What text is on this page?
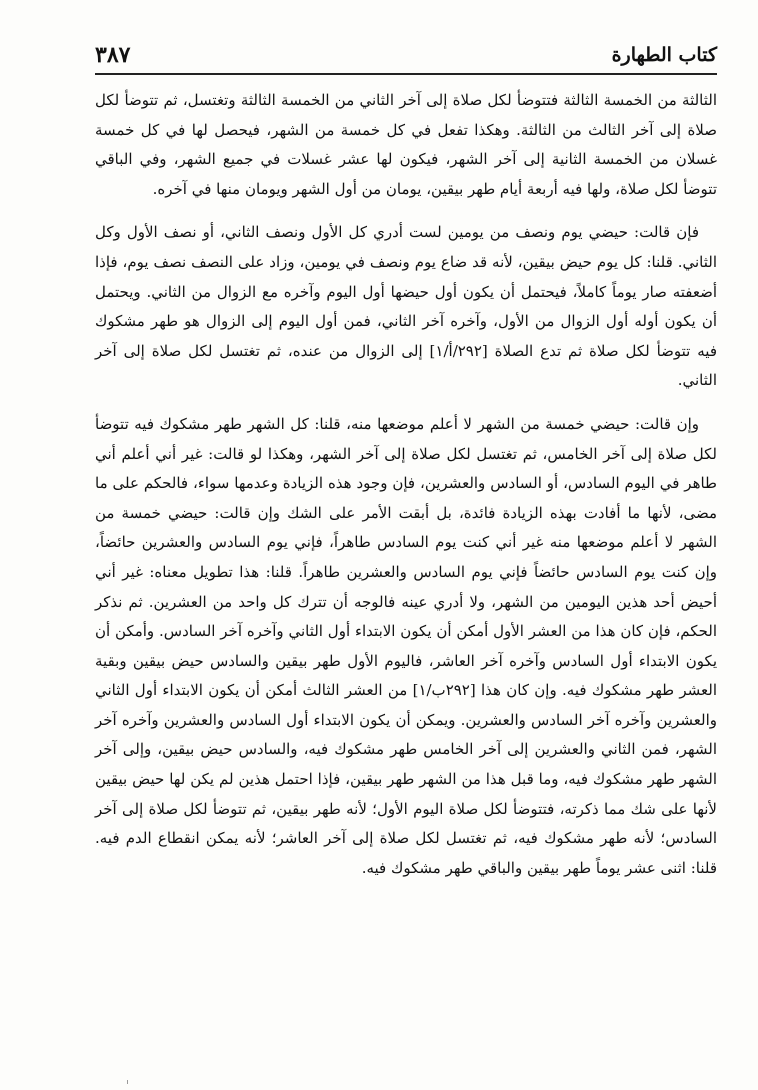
كتاب الطهارة
٣٨٧

الثالثة من الخمسة الثالثة فتتوضأ لكل صلاة إلى آخر الثاني من الخمسة الثالثة وتغتسل، ثم تتوضأ لكل صلاة إلى آخر الثالث من الثالثة. وهكذا تفعل في كل خمسة من الشهر، فيحصل لها في كل خمسة غسلان من الخمسة الثانية إلى آخر الشهر، فيكون لها عشر غسلات في جميع الشهر، وفي الباقي تتوضأ لكل صلاة، ولها فيه أربعة أيام طهر بيقين، يومان من أول الشهر ويومان منها في آخره.

فإن قالت: حيضي يوم ونصف من يومين لست أدري كل الأول ونصف الثاني، أو نصف الأول وكل الثاني. قلنا: كل يوم حيض بيقين، لأنه قد ضاع يوم ونصف في يومين، وزاد على النصف نصف يوم، فإذا أضعفته صار يوماً كاملاً، فيحتمل أن يكون أول حيضها أول اليوم وآخره مع الزوال من الثاني. ويحتمل أن يكون أوله أول الزوال من الأول، وآخره آخر الثاني، فمن أول اليوم إلى الزوال هو طهر مشكوك فيه تتوضأ لكل صلاة ثم تدع الصلاة [٢٩٢/أ/١] إلى الزوال من عنده، ثم تغتسل لكل صلاة إلى آخر الثاني.

وإن قالت: حيضي خمسة من الشهر لا أعلم موضعها منه، قلنا: كل الشهر طهر مشكوك فيه تتوضأ لكل صلاة إلى آخر الخامس، ثم تغتسل لكل صلاة إلى آخر الشهر، وهكذا لو قالت: غير أني أعلم أني طاهر في اليوم السادس، أو السادس والعشرين، فإن وجود هذه الزيادة وعدمها سواء، فالحكم على ما مضى، لأنها ما أفادت بهذه الزيادة فائدة، بل أبقت الأمر على الشك وإن قالت: حيضي خمسة من الشهر لا أعلم موضعها منه غير أني كنت يوم السادس طاهراً، فإني يوم السادس والعشرين حائضاً، وإن كنت يوم السادس حائضاً فإني يوم السادس والعشرين طاهراً. قلنا: هذا تطويل معناه: غير أني أحيض أحد هذين اليومين من الشهر، ولا أدري عينه فالوجه أن تترك كل واحد من العشرين. ثم نذكر الحكم، فإن كان هذا من العشر الأول أمكن أن يكون الابتداء أول الثاني وآخره آخر السادس. وأمكن أن يكون الابتداء أول السادس وآخره آخر العاشر، فاليوم الأول طهر بيقين والسادس حيض بيقين وبقية العشر طهر مشكوك فيه. وإن كان هذا [٢٩٢ب/١] من العشر الثالث أمكن أن يكون الابتداء أول الثاني والعشرين وآخره آخر السادس والعشرين. ويمكن أن يكون الابتداء أول السادس والعشرين وآخره آخر الشهر، فمن الثاني والعشرين إلى آخر الخامس طهر مشكوك فيه، والسادس حيض بيقين، وإلى آخر الشهر طهر مشكوك فيه، وما قبل هذا من الشهر طهر بيقين، فإذا احتمل هذين لم يكن لها حيض بيقين لأنها على شك مما ذكرته، فتتوضأ لكل صلاة اليوم الأول؛ لأنه طهر بيقين، ثم تتوضأ لكل صلاة إلى آخر السادس؛ لأنه طهر مشكوك فيه، ثم تغتسل لكل صلاة إلى آخر العاشر؛ لأنه يمكن انقطاع الدم فيه. قلنا: اثنى عشر يوماً طهر بيقين والباقي طهر مشكوك فيه.
